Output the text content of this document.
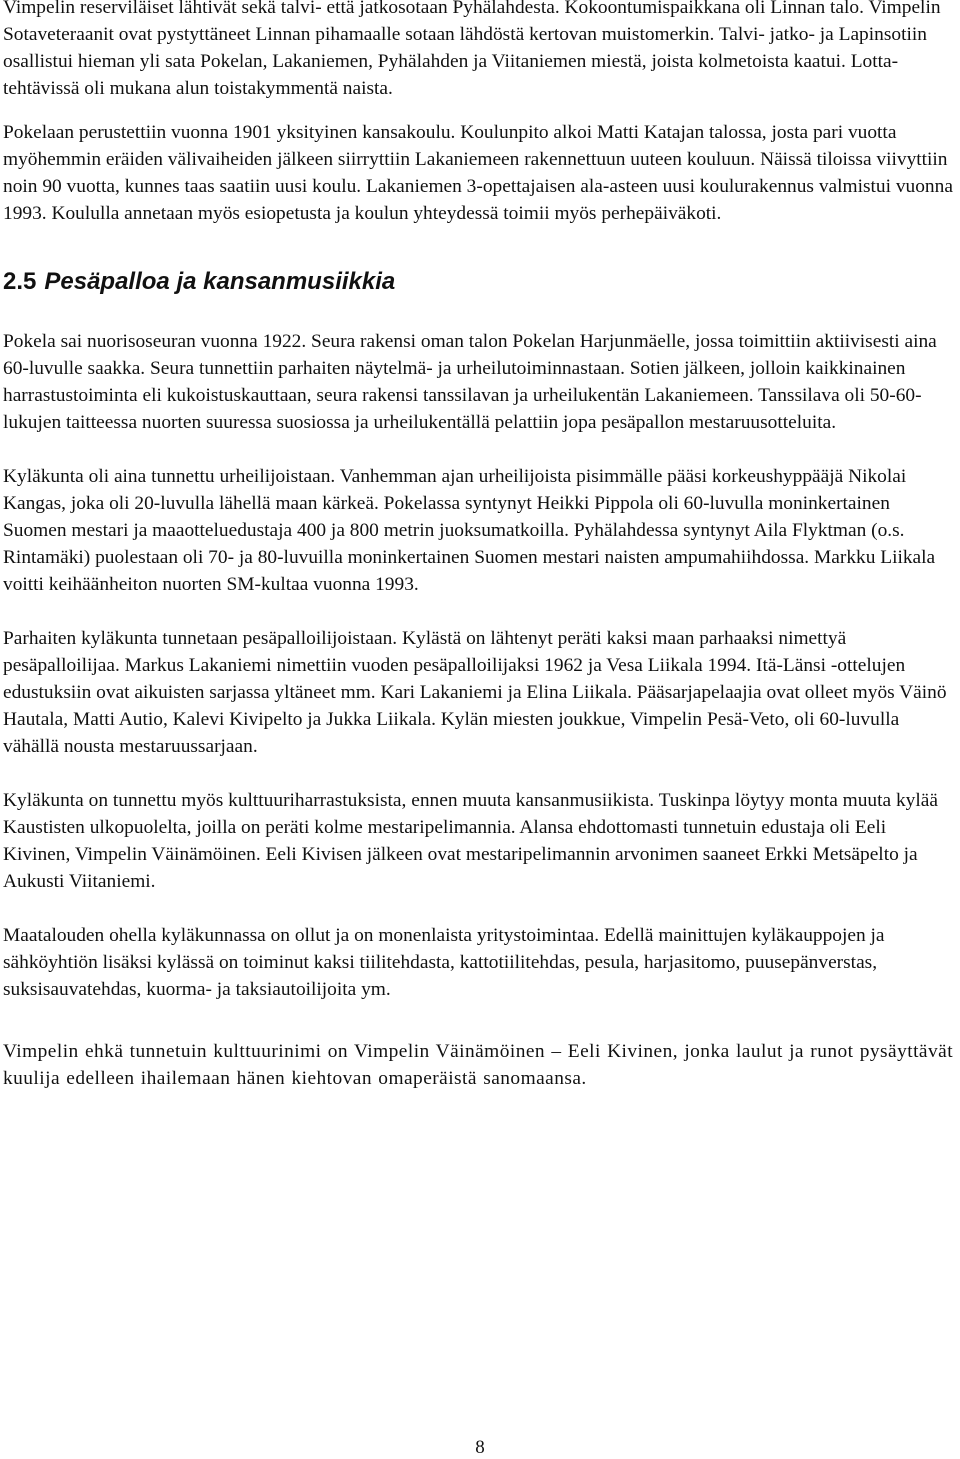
Vimpelin reserviläiset lähtivät sekä talvi- että jatkosotaan Pyhälahdesta. Kokoontumispaikkana oli Linnan talo. Vimpelin Sotaveteraanit ovat pystyttäneet Linnan pihamaalle sotaan lähdöstä kertovan muistomerkin. Talvi- jatko- ja Lapinsotiin osallistui hieman yli sata Pokelan, Lakaniemen, Pyhälahden ja Viitaniemen miestä, joista kolmetoista kaatui. Lotta-tehtävissä oli mukana alun toistakymmentä naista.

Pokelaan perustettiin vuonna 1901 yksityinen kansakoulu. Koulunpito alkoi Matti Katajan talossa, josta pari vuotta myöhemmin eräiden välivaiheiden jälkeen siirryttiin Lakaniemeen rakennettuun uuteen kouluun. Näissä tiloissa viivyttiin noin 90 vuotta, kunnes taas saatiin uusi koulu. Lakaniemen 3-opettajaisen ala-asteen uusi koulurakennus valmistui vuonna 1993. Koululla annetaan myös esiopetusta ja koulun yhteydessä toimii myös perhepäiväkoti.

2.5 Pesäpalloa ja kansanmusiikkia

Pokela sai nuorisoseuran vuonna 1922. Seura rakensi oman talon Pokelan Harjunmäelle, jossa toimittiin aktiivisesti aina 60-luvulle saakka. Seura tunnettiin parhaiten näytelmä- ja urheilutoiminnastaan. Sotien jälkeen, jolloin kaikkinainen harrastustoiminta eli kukoistuskauttaan, seura rakensi tanssilavan ja urheilukentän Lakaniemeen. Tanssilava oli 50-60-lukujen taitteessa nuorten suuressa suosiossa ja urheilukentällä pelattiin jopa pesäpallon mestaruusotteluita.

Kyläkunta oli aina tunnettu urheilijoistaan. Vanhemman ajan urheilijoista pisimmälle pääsi korkeushyppääjä Nikolai Kangas, joka oli 20-luvulla lähellä maan kärkeä. Pokelassa syntynyt Heikki Pippola oli 60-luvulla moninkertainen Suomen mestari ja maaotteluedustaja 400 ja 800 metrin juoksumatkoilla. Pyhälahdessa syntynyt Aila Flyktman (o.s. Rintamäki) puolestaan oli 70- ja 80-luvuilla moninkertainen Suomen mestari naisten ampumahiihdossa. Markku Liikala voitti keihäänheiton nuorten SM-kultaa vuonna 1993.

Parhaiten kyläkunta tunnetaan pesäpalloilijoistaan. Kylästä on lähtenyt peräti kaksi maan parhaaksi nimettyä pesäpalloilijaa. Markus Lakaniemi nimettiin vuoden pesäpalloilijaksi 1962 ja Vesa Liikala 1994. Itä-Länsi -ottelujen edustuksiin ovat aikuisten sarjassa yltäneet mm. Kari Lakaniemi ja Elina Liikala. Pääsarjapelaajia ovat olleet myös Väinö Hautala, Matti Autio, Kalevi Kivipelto ja Jukka Liikala. Kylän miesten joukkue, Vimpelin Pesä-Veto, oli 60-luvulla vähällä nousta mestaruussarjaan.

Kyläkunta on tunnettu myös kulttuuriharrastuksista, ennen muuta kansanmusiikista. Tuskinpa löytyy monta muuta kylää Kaustisten ulkopuolelta, joilla on peräti kolme mestaripelimannia. Alansa ehdottomasti tunnetuin edustaja oli Eeli Kivinen, Vimpelin Väinämöinen. Eeli Kivisen jälkeen ovat mestaripelimannin arvonimen saaneet Erkki Metsäpelto ja Aukusti Viitaniemi.

Maatalouden ohella kyläkunnassa on ollut ja on monenlaista yritystoimintaa. Edellä mainittujen kyläkauppojen ja sähköyhtiön lisäksi kylässä on toiminut kaksi tiilitehdasta, kattotiilitehdas, pesula, harjasitomo, puusepänverstas, suksisauvatehdas, kuorma- ja taksiautoilijoita ym.

Vimpelin ehkä tunnetuin kulttuurinimi on Vimpelin Väinämöinen – Eeli Kivinen, jonka laulut ja runot pysäyttävät kuulija edelleen ihailemaan hänen kiehtovan omaperäistä sanomaansa.

8
